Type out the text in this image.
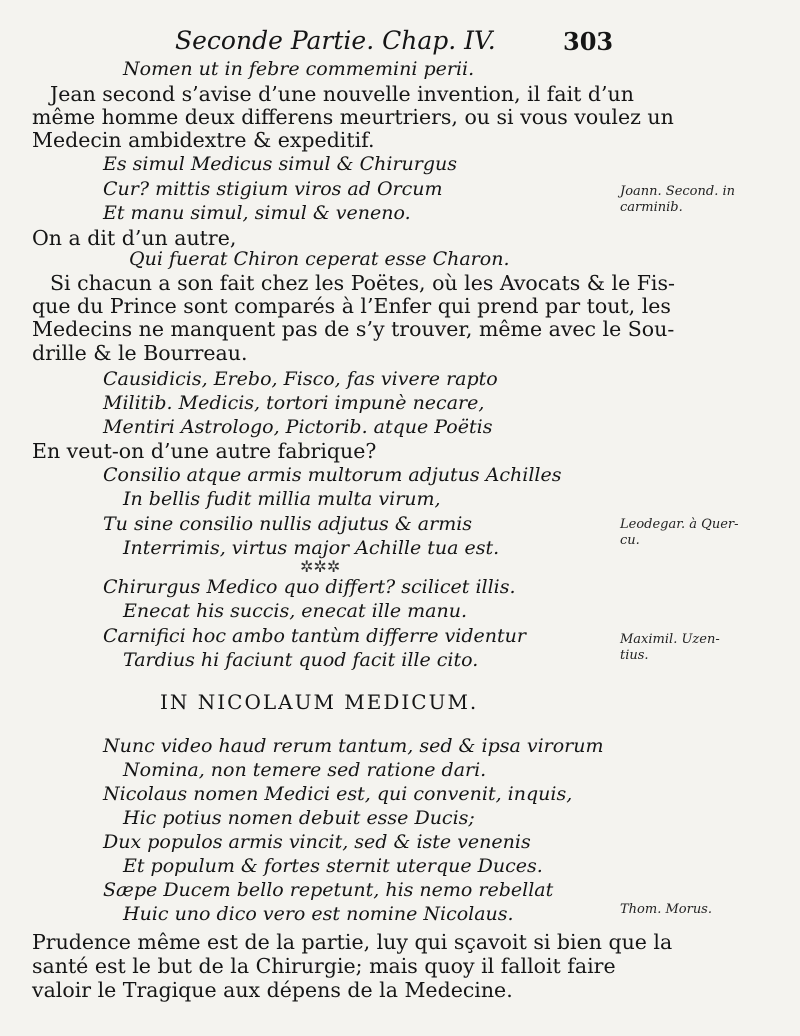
Seconde Partie. Chap. IV.	303
Nomen ut in febre commemini perii.
Jean second s’avise d’une nouvelle invention, il fait d’un
même homme deux differens meurtriers, ou si vous voulez un
Medecin ambidextre & expeditif.
Es simul Medicus simul & Chirurgus
Cur? mittis stigium viros ad Orcum
Et manu simul, simul & veneno.
On a dit d’un autre,
Qui fuerat Chiron ceperat esse Charon.
Si chacun a son fait chez les Poëtes, où les Avocats & le Fis-
que du Prince sont comparés à l’Enfer qui prend par tout, les
Medecins ne manquent pas de s’y trouver, même avec le Sou-
drille & le Bourreau.
Causidicis, Erebo, Fisco, fas vivere rapto
Militib. Medicis, tortori impunè necare,
Mentiri Astrologo, Pictorib. atque Poëtis
En veut-on d’une autre fabrique?
Consilio atque armis multorum adjutus Achilles
In bellis fudit millia multa virum,
Tu sine consilio nullis adjutus & armis
Interrimis, virtus major Achille tua est.
✲✲✲
Chirurgus Medico quo differt? scilicet illis.
Enecat his succis, enecat ille manu.
Carnifici hoc ambo tantùm differre videntur
Tardius hi faciunt quod facit ille cito.
IN NICOLAUM MEDICUM.
Nunc video haud rerum tantum, sed & ipsa virorum
Nomina, non temere sed ratione dari.
Nicolaus nomen Medici est, qui convenit, inquis,
Hic potius nomen debuit esse Ducis;
Dux populos armis vincit, sed & iste venenis
Et populum & fortes sternit uterque Duces.
Sæpe Ducem bello repetunt, his nemo rebellat
Huic uno dico vero est nomine Nicolaus.
Prudence même est de la partie, luy qui sçavoit si bien que la
santé est le but de la Chirurgie; mais quoy il falloit faire
valoir le Tragique aux dépens de la Medecine.
Joann. Second. in
carminib.
Leodegar. à Quer-
cu.
Maximil. Uzen-
tius.
Thom. Morus.
